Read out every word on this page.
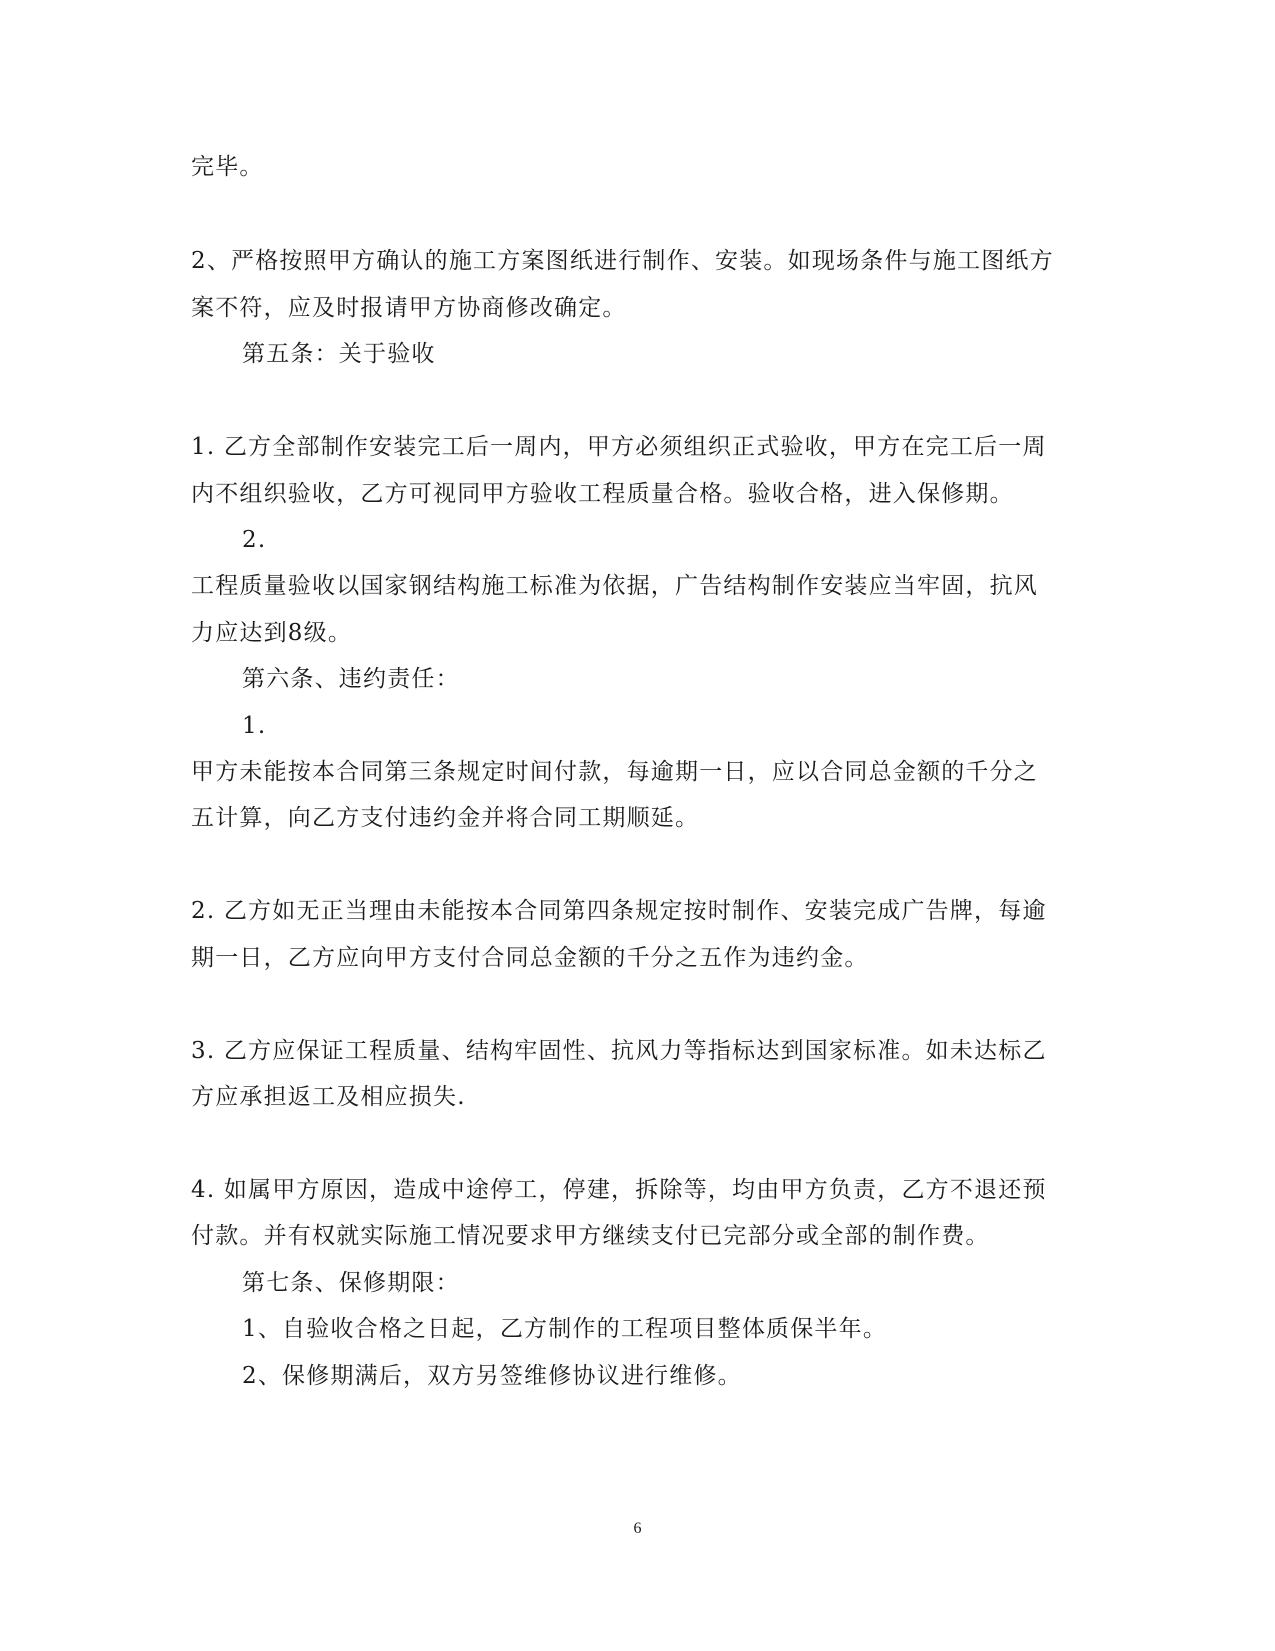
完毕。
2、严格按照甲方确认的施工方案图纸进行制作、安装。如现场条件与施工图纸方
案不符，应及时报请甲方协商修改确定。
第五条：关于验收
1. 乙方全部制作安装完工后一周内，甲方必须组织正式验收，甲方在完工后一周
内不组织验收，乙方可视同甲方验收工程质量合格。验收合格，进入保修期。
2.
工程质量验收以国家钢结构施工标准为依据，广告结构制作安装应当牢固，抗风
力应达到8级。
第六条、违约责任：
1.
甲方未能按本合同第三条规定时间付款，每逾期一日，应以合同总金额的千分之
五计算，向乙方支付违约金并将合同工期顺延。
2. 乙方如无正当理由未能按本合同第四条规定按时制作、安装完成广告牌，每逾
期一日，乙方应向甲方支付合同总金额的千分之五作为违约金。
3. 乙方应保证工程质量、结构牢固性、抗风力等指标达到国家标准。如未达标乙
方应承担返工及相应损失.
4. 如属甲方原因，造成中途停工，停建，拆除等，均由甲方负责，乙方不退还预
付款。并有权就实际施工情况要求甲方继续支付已完部分或全部的制作费。
第七条、保修期限：
1、自验收合格之日起，乙方制作的工程项目整体质保半年。
2、保修期满后，双方另签维修协议进行维修。
6
